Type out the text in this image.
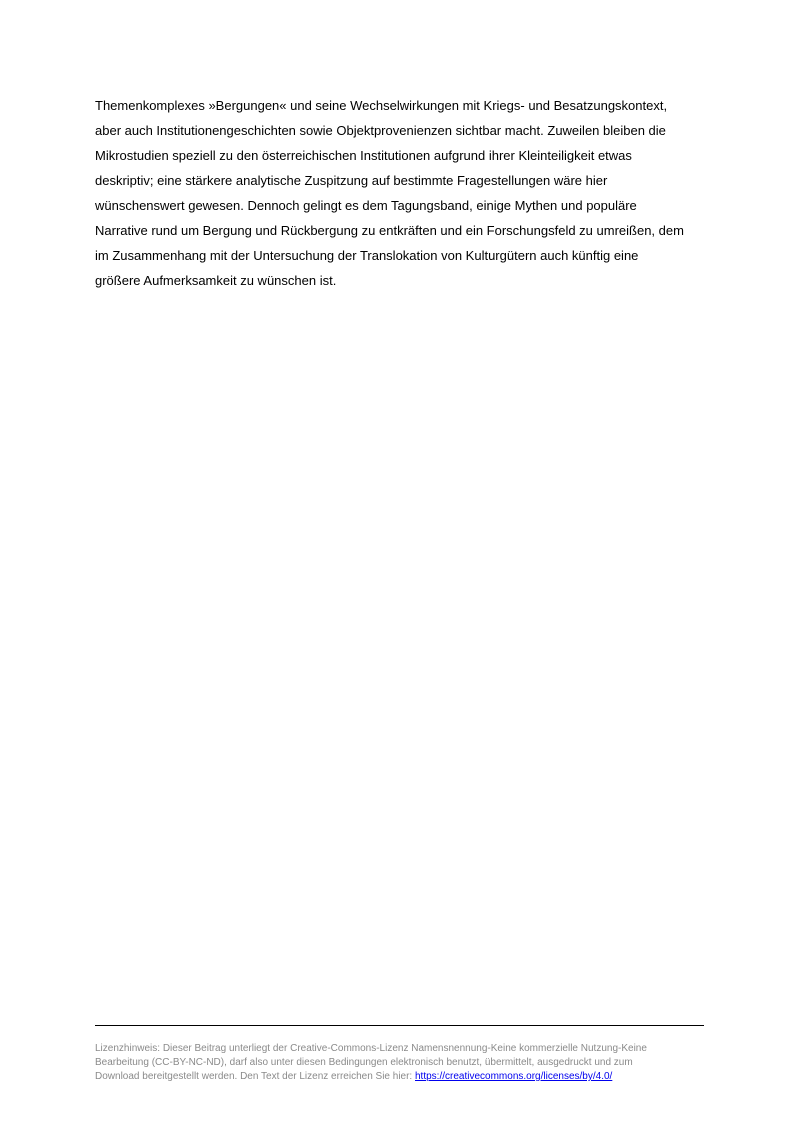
Themenkomplexes »Bergungen« und seine Wechselwirkungen mit Kriegs- und Besatzungskontext,
aber auch Institutionengeschichten sowie Objektprovenienzen sichtbar macht. Zuweilen bleiben die
Mikrostudien speziell zu den österreichischen Institutionen aufgrund ihrer Kleinteiligkeit etwas
deskriptiv; eine stärkere analytische Zuspitzung auf bestimmte Fragestellungen wäre hier
wünschenswert gewesen. Dennoch gelingt es dem Tagungsband, einige Mythen und populäre
Narrative rund um Bergung und Rückbergung zu entkräften und ein Forschungsfeld zu umreißen, dem
im Zusammenhang mit der Untersuchung der Translokation von Kulturgütern auch künftig eine
größere Aufmerksamkeit zu wünschen ist.
Lizenzhinweis: Dieser Beitrag unterliegt der Creative-Commons-Lizenz Namensnennung-Keine kommerzielle Nutzung-Keine
Bearbeitung (CC-BY-NC-ND), darf also unter diesen Bedingungen elektronisch benutzt, übermittelt, ausgedruckt und zum
Download bereitgestellt werden. Den Text der Lizenz erreichen Sie hier: https://creativecommons.org/licenses/by/4.0/
